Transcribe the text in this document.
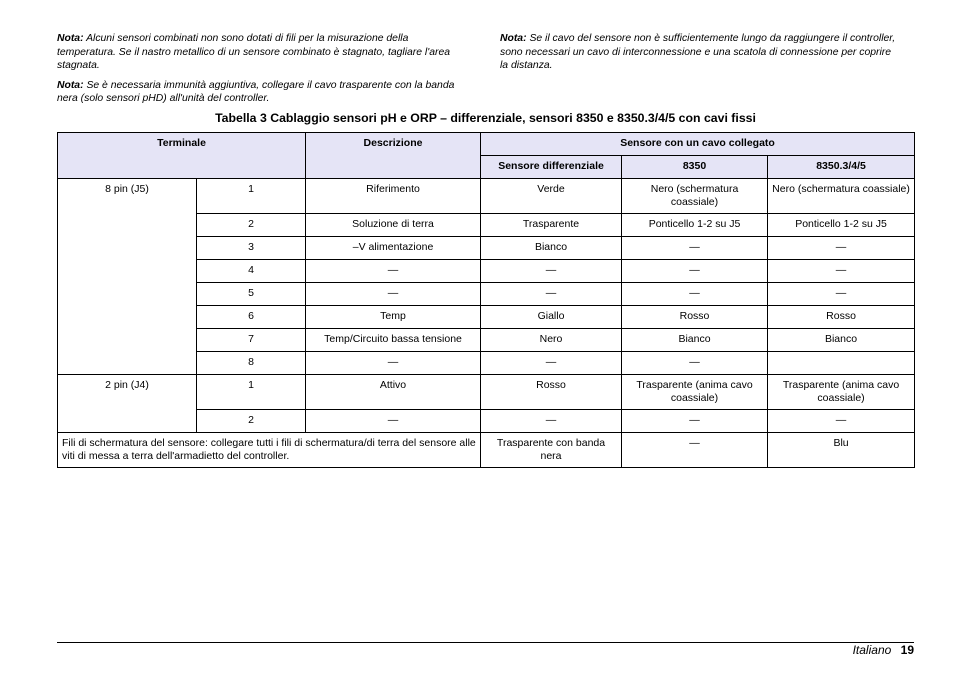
Nota: Alcuni sensori combinati non sono dotati di fili per la misurazione della temperatura. Se il nastro metallico di un sensore combinato è stagnato, tagliare l'area stagnata.

Nota: Se è necessaria immunità aggiuntiva, collegare il cavo trasparente con la banda nera (solo sensori pHD) all'unità del controller.

Nota: Se il cavo del sensore non è sufficientemente lungo da raggiungere il controller, sono necessari un cavo di interconnessione e una scatola di connessione per coprire la distanza.

Tabella 3 Cablaggio sensori pH e ORP – differenziale, sensori 8350 e 8350.3/4/5 con cavi fissi
Terminale		Descrizione	Sensore con un cavo collegato		
			Sensore differenziale	8350	8350.3/4/5
8 pin (J5)	1	Riferimento	Verde	Nero (schermatura coassiale)	Nero (schermatura coassiale)
	2	Soluzione di terra	Trasparente	Ponticello 1-2 su J5	Ponticello 1-2 su J5
	3	–V alimentazione	Bianco	—	—
	4	—	—	—	—
	5	—	—	—	—
	6	Temp	Giallo	Rosso	Rosso
	7	Temp/Circuito bassa tensione	Nero	Bianco	Bianco
	8	—	—	—	
2 pin (J4)	1	Attivo	Rosso	Trasparente (anima cavo coassiale)	Trasparente (anima cavo coassiale)
	2	—	—	—	—
Fili di schermatura del sensore: collegare tutti i fili di schermatura/di terra del sensore alle viti di messa a terra dell'armadietto del controller.			Trasparente con banda nera	—	Blu
Italiano 19
